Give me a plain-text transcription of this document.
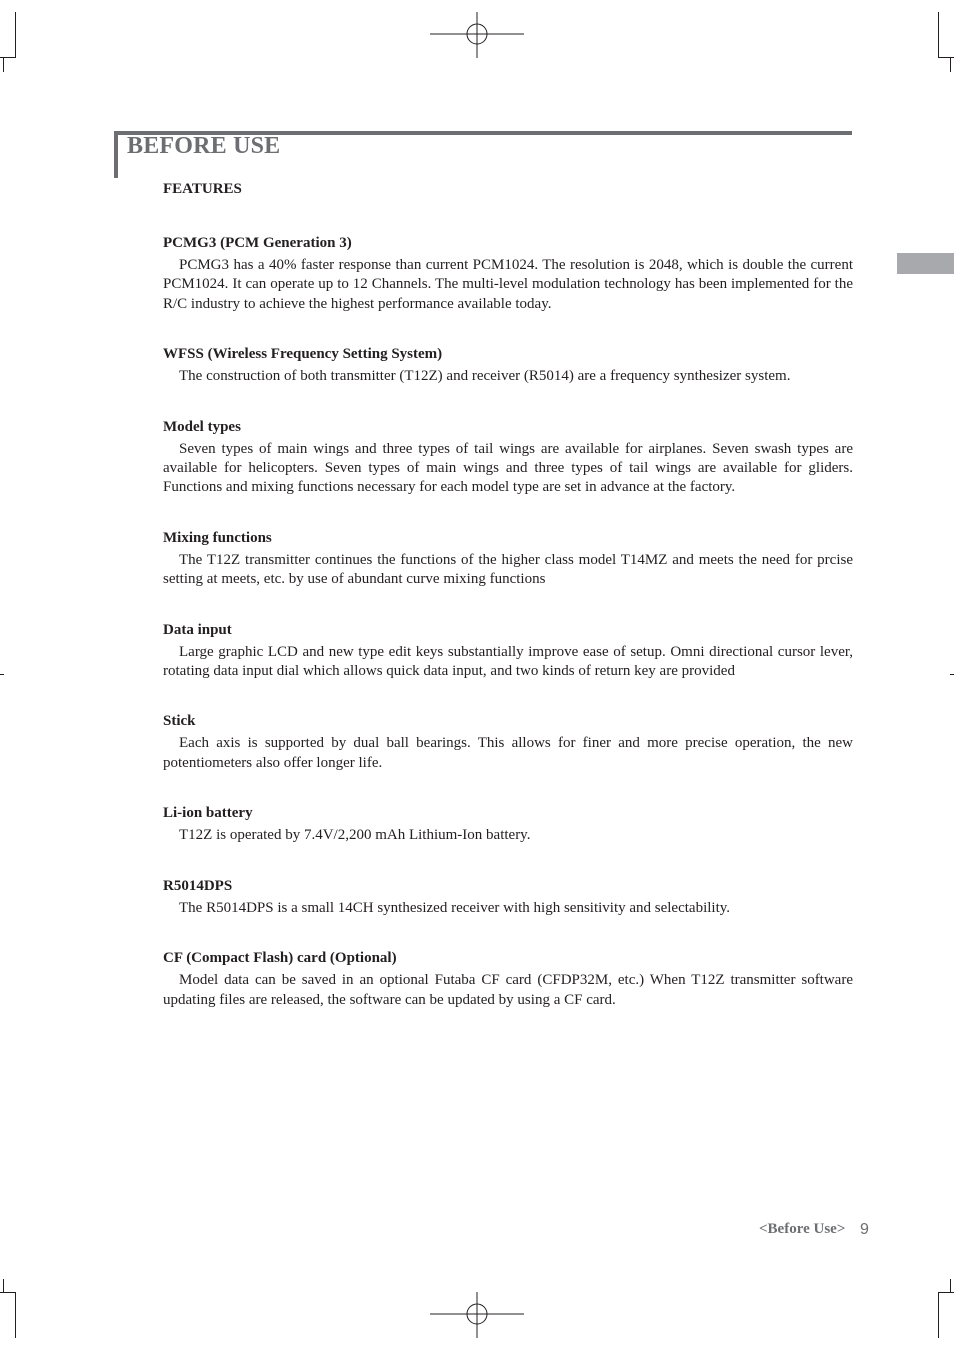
BEFORE USE
FEATURES
PCMG3 (PCM Generation 3)

PCMG3 has a 40% faster response than current PCM1024. The resolution is 2048, which is double the current PCM1024. It can operate up to 12 Channels. The multi-level modulation technology has been implemented for the R/C industry to achieve the highest performance available today.

WFSS (Wireless Frequency Setting System)

The construction of both transmitter (T12Z) and receiver (R5014) are a frequency synthesizer system.

Model types

Seven types of main wings and three types of tail wings are available for airplanes. Seven swash types are available for helicopters. Seven types of main wings and three types of tail wings are available for gliders. Functions and mixing functions necessary for each model type are set in advance at the factory.

Mixing functions

The T12Z transmitter continues the functions of the higher class model T14MZ and meets the need for prcise setting at meets, etc. by use of abundant curve mixing functions

Data input

Large graphic LCD and new type edit keys substantially improve ease of setup. Omni directional cursor lever, rotating data input dial which allows quick data input, and two kinds of return key are provided

Stick

Each axis is supported by dual ball bearings. This allows for finer and more precise operation, the new potentiometers also offer longer life.

Li-ion battery

T12Z is operated by 7.4V/2,200 mAh Lithium-Ion battery.

R5014DPS

The R5014DPS is a small 14CH synthesized receiver with high sensitivity and selectability.

CF (Compact Flash) card (Optional)

Model data can be saved in an optional Futaba CF card (CFDP32M, etc.) When T12Z transmitter software updating files are released, the software can be updated by using a CF card.

<Before Use> 9
